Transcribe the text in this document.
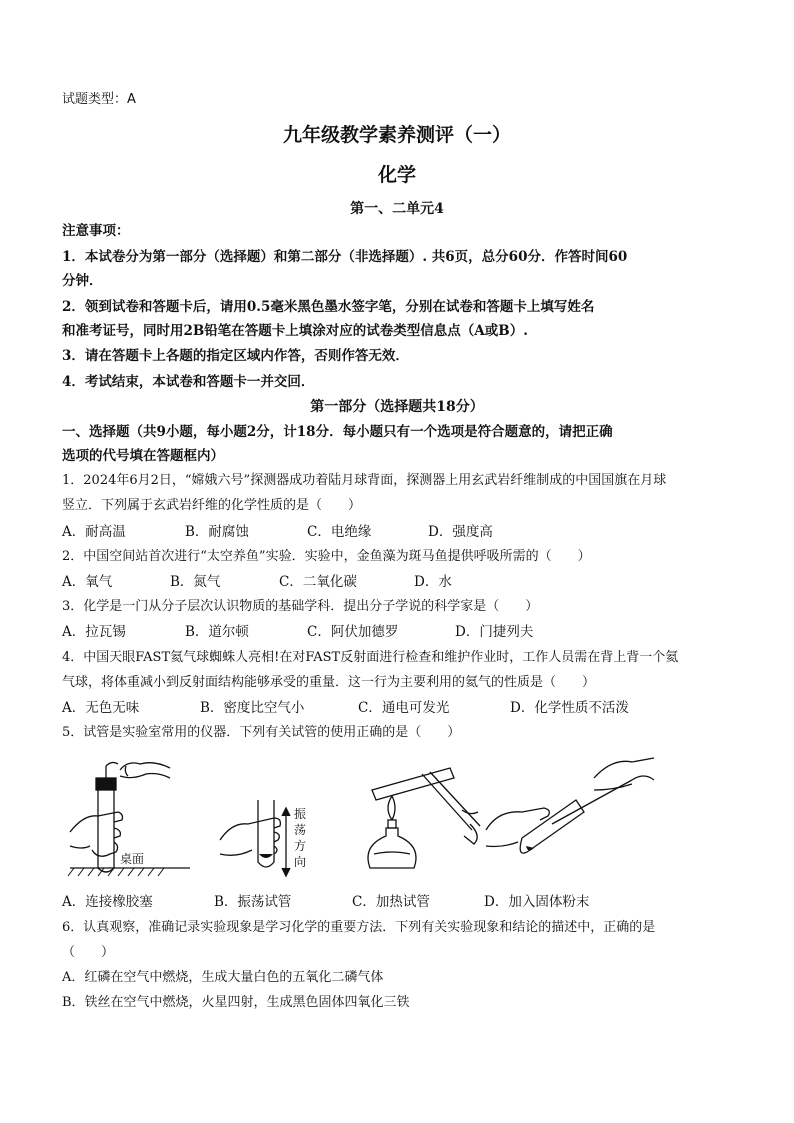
试题类型：A
九年级教学素养测评（一）
化学
第一、二单元4
注意事项：
1．本试卷分为第一部分（选择题）和第二部分（非选择题）. 共6页，总分60分．作答时间60
分钟．
2．领到试卷和答题卡后，请用0.5毫米黑色墨水签字笔，分别在试卷和答题卡上填写姓名
和准考证号，同时用2B铅笔在答题卡上填涂对应的试卷类型信息点（A或B）.
3．请在答题卡上各题的指定区域内作答，否则作答无效．
4．考试结束，本试卷和答题卡一并交回．
第一部分（选择题共18分）
一、选择题（共9小题，每小题2分，计18分．每小题只有一个选项是符合题意的，请把正确
选项的代号填在答题框内）
1．2024年6月2日，“嫦娥六号”探测器成功着陆月球背面，探测器上用玄武岩纤维制成的中国国旗在月球
竖立．下列属于玄武岩纤维的化学性质的是（　　）
A．耐高温	B．耐腐蚀	C．电绝缘	D．强度高
2．中国空间站首次进行“太空养鱼”实验．实验中，金鱼藻为斑马鱼提供呼吸所需的（　　）
A．氧气	B．氮气	C．二氧化碳	D．水
3．化学是一门从分子层次认识物质的基础学科．提出分子学说的科学家是（　　）
A．拉瓦锡	B．道尔顿	C．阿伏加德罗	D．门捷列夫
4．中国天眼FAST氦气球蜘蛛人亮相!在对FAST反射面进行检查和维护作业时，工作人员需在背上背一个氦
气球，将体重减小到反射面结构能够承受的重量．这一行为主要利用的氦气的性质是（　　）
A．无色无味	B．密度比空气小	C．通电可发光	D．化学性质不活泼
5．试管是实验室常用的仪器．下列有关试管的使用正确的是（　　）
桌面
振荡方向
A．连接橡胶塞	B．振荡试管	C．加热试管	D．加入固体粉末
6．认真观察，准确记录实验现象是学习化学的重要方法．下列有关实验现象和结论的描述中，正确的是
（　　）
A．红磷在空气中燃烧，生成大量白色的五氧化二磷气体
B．铁丝在空气中燃烧，火星四射，生成黑色固体四氧化三铁
